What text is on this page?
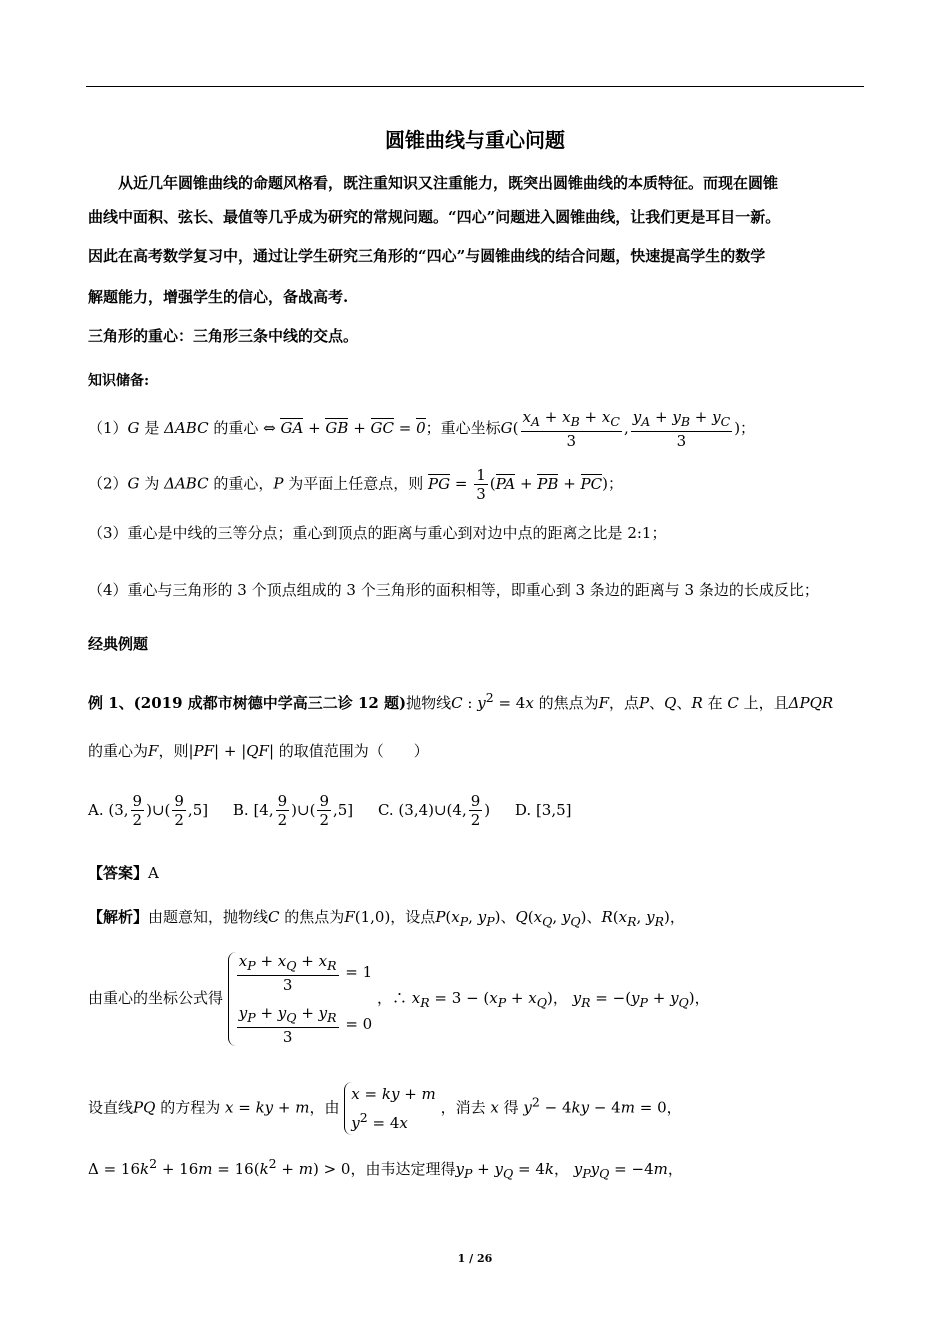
圆锥曲线与重心问题
从近几年圆锥曲线的命题风格看，既注重知识又注重能力，既突出圆锥曲线的本质特征。而现在圆锥
曲线中面积、弦长、最值等几乎成为研究的常规问题。“四心”问题进入圆锥曲线，让我们更是耳目一新。
因此在高考数学复习中，通过让学生研究三角形的“四心”与圆锥曲线的结合问题，快速提高学生的数学
解题能力，增强学生的信心，备战高考.
三角形的重心：三角形三条中线的交点。
知识储备:
（1）G 是 ΔABC 的重心 ⇔ GA + GB + GC = 0；重心坐标$G( \frac{x_A + x_B + x_C}{3}$ , $\frac{y_A + y_B + y_C}{3}$ )；
（2）G 为 ΔABC 的重心，P 为平面上任意点，则 PG = $\frac{1}{3} (PA$ + PB + PC)；
（3）重心是中线的三等分点；重心到顶点的距离与重心到对边中点的距离之比是 2:1；
（4）重心与三角形的 3 个顶点组成的 3 个三角形的面积相等，即重心到 3 条边的距离与 3 条边的长成反比；
经典例题
例 1、(2019 成都市树德中学高三二诊 12 题)抛物线C : $y^2 = 4x$ 的焦点为F，点P、Q、R 在 C 上，且ΔPQR
的重心为F，则|PF| + |QF| 的取值范围为（　　）
A. (3, $\frac{9}{2}$ )∪( $\frac{9}{2} ,5$] B. [4, $\frac{9}{2}$ )∪( $\frac{9}{2} ,5$] C. (3,4)∪(4, $\frac{9}{2}$ ) D. [3,5]
【答案】A
【解析】由题意知，抛物线C 的焦点为F(1,0)，设点$P(x_P$, $y_P$)、$Q(x_Q$, $y_Q$)、$R(x_R$, $y_R$)，
由重心的坐标公式得
$\frac{x_P + x_Q + x_R}{3} = 1$
$\frac{y_P + y_Q + y_R}{3} = 0$
，∴ $x_R = 3 - (x_P + x_Q)$， $y_R = -(y_P + y_Q)$，
设直线PQ 的方程为 x = ky + m，由
x = ky + m
$y^2 = 4x$
，消去 x 得 $y^2 - 4ky - 4m = 0$，
$\Delta = 16k^2 + 16m = 16(k^2 + m) > 0$，由韦达定理得$y_P + y_Q = 4k$， $y_Py_Q = -4m$，
1 / 26
